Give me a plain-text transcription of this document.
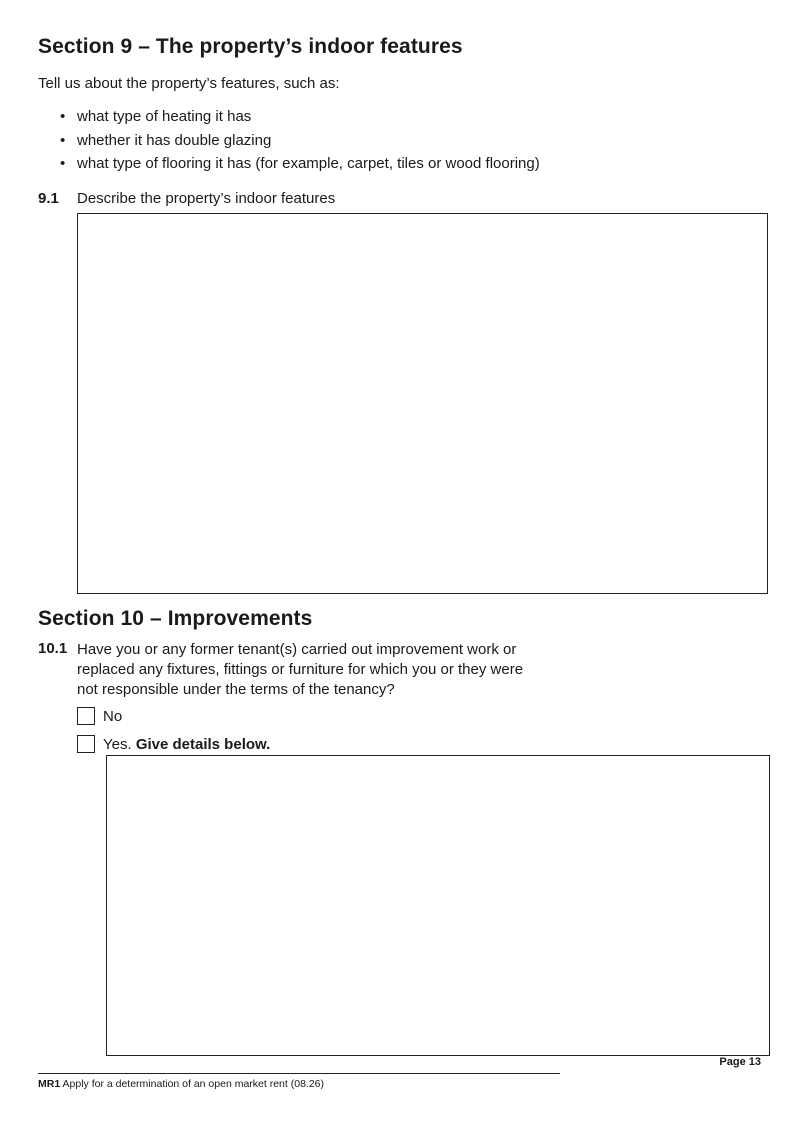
Section 9 – The property’s indoor features
Tell us about the property’s features, such as:
• what type of heating it has
• whether it has double glazing
• what type of flooring it has (for example, carpet, tiles or wood flooring)
9.1 Describe the property’s indoor features
Section 10 – Improvements
10.1 Have you or any former tenant(s) carried out improvement work or
replaced any fixtures, fittings or furniture for which you or they were
not responsible under the terms of the tenancy?
No
Yes. Give details below.
Page 13
MR1 Apply for a determination of an open market rent (08.26)
